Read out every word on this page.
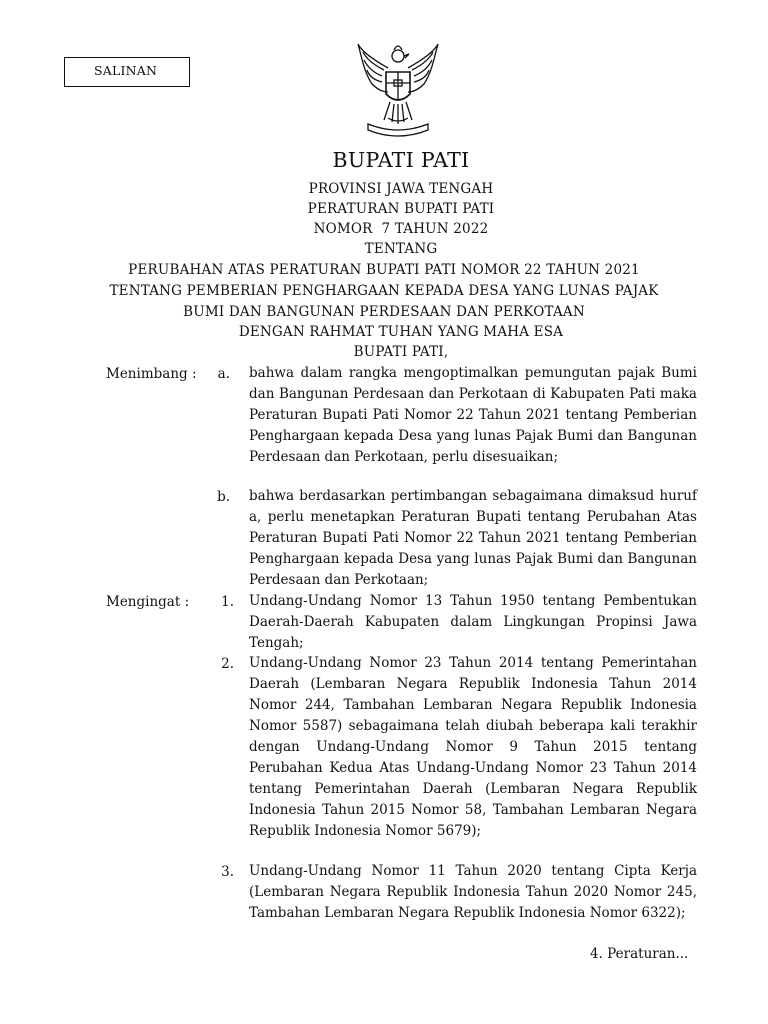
SALINAN
BUPATI PATI
PROVINSI JAWA TENGAH
PERATURAN BUPATI PATI
NOMOR  7 TAHUN 2022
TENTANG
PERUBAHAN ATAS PERATURAN BUPATI PATI NOMOR 22 TAHUN 2021
TENTANG PEMBERIAN PENGHARGAAN KEPADA DESA YANG LUNAS PAJAK
BUMI DAN BANGUNAN PERDESAAN DAN PERKOTAAN
DENGAN RAHMAT TUHAN YANG MAHA ESA
BUPATI PATI,
Menimbang :	a. bahwa dalam rangka mengoptimalkan pemungutan pajak Bumi dan Bangunan Perdesaan dan Perkotaan di Kabupaten Pati maka Peraturan Bupati Pati Nomor 22 Tahun 2021 tentang Pemberian Penghargaan kepada Desa yang lunas Pajak Bumi dan Bangunan Perdesaan dan Perkotaan, perlu disesuaikan;
b. bahwa berdasarkan pertimbangan sebagaimana dimaksud huruf a, perlu menetapkan Peraturan Bupati tentang Perubahan Atas Peraturan Bupati Pati Nomor 22 Tahun 2021 tentang Pemberian Penghargaan kepada Desa yang lunas Pajak Bumi dan Bangunan Perdesaan dan Perkotaan;
Mengingat :	1. Undang-Undang Nomor 13 Tahun 1950 tentang Pembentukan Daerah-Daerah Kabupaten dalam Lingkungan Propinsi Jawa Tengah;
2. Undang-Undang Nomor 23 Tahun 2014 tentang Pemerintahan Daerah (Lembaran Negara Republik Indonesia Tahun 2014 Nomor 244, Tambahan Lembaran Negara Republik Indonesia Nomor 5587) sebagaimana telah diubah beberapa kali terakhir dengan Undang-Undang Nomor 9 Tahun 2015 tentang Perubahan Kedua Atas Undang-Undang Nomor 23 Tahun 2014 tentang Pemerintahan Daerah (Lembaran Negara Republik Indonesia Tahun 2015 Nomor 58, Tambahan Lembaran Negara Republik Indonesia Nomor 5679);
3. Undang-Undang Nomor 11 Tahun 2020 tentang Cipta Kerja (Lembaran Negara Republik Indonesia Tahun 2020 Nomor 245, Tambahan Lembaran Negara Republik Indonesia Nomor 6322);
4. Peraturan...
